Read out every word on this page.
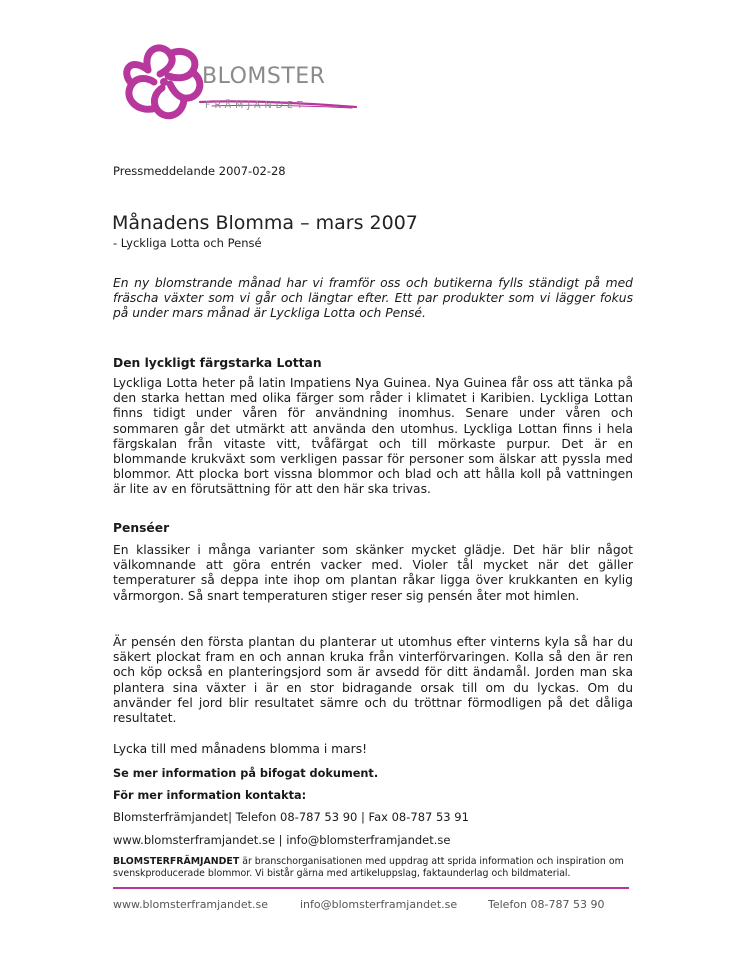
BLOMSTER
FRÄMJANDET
Pressmeddelande 2007-02-28
Månadens Blomma – mars 2007
- Lyckliga Lotta och Pensé
En ny blomstrande månad har vi framför oss och butikerna fylls ständigt på med fräscha växter som vi går och längtar efter. Ett par produkter som vi lägger fokus på under mars månad är Lyckliga Lotta och Pensé.
Den lyckligt färgstarka Lottan
Lyckliga Lotta heter på latin Impatiens Nya Guinea. Nya Guinea får oss att tänka på den starka hettan med olika färger som råder i klimatet i Karibien. Lyckliga Lottan finns tidigt under våren för användning inomhus. Senare under våren och sommaren går det utmärkt att använda den utomhus. Lyckliga Lottan finns i hela färgskalan från vitaste vitt, tvåfärgat och till mörkaste purpur. Det är en blommande krukväxt som verkligen passar för personer som älskar att pyssla med blommor. Att plocka bort vissna blommor och blad och att hålla koll på vattningen är lite av en förutsättning för att den här ska trivas.
Penséer
En klassiker i många varianter som skänker mycket glädje. Det här blir något välkomnande att göra entrén vacker med. Violer tål mycket när det gäller temperaturer så deppa inte ihop om plantan råkar ligga över krukkanten en kylig vårmorgon. Så snart temperaturen stiger reser sig pensén åter mot himlen.
Är pensén den första plantan du planterar ut utomhus efter vinterns kyla så har du säkert plockat fram en och annan kruka från vinterförvaringen. Kolla så den är ren och köp också en planteringsjord som är avsedd för ditt ändamål. Jorden man ska plantera sina växter i är en stor bidragande orsak till om du lyckas. Om du använder fel jord blir resultatet sämre och du tröttnar förmodligen på det dåliga resultatet.
Lycka till med månadens blomma i mars!
Se mer information på bifogat dokument.
För mer information kontakta:
Blomsterfrämjandet| Telefon 08-787 53 90 | Fax 08-787 53 91
www.blomsterframjandet.se | info@blomsterframjandet.se
BLOMSTERFRÄMJANDET är branschorganisationen med uppdrag att sprida information och inspiration om svenskproducerade blommor. Vi bistår gärna med artikeluppslag, faktaunderlag och bildmaterial.
www.blomsterframjandet.se	info@blomsterframjandet.se	Telefon 08-787 53 90
